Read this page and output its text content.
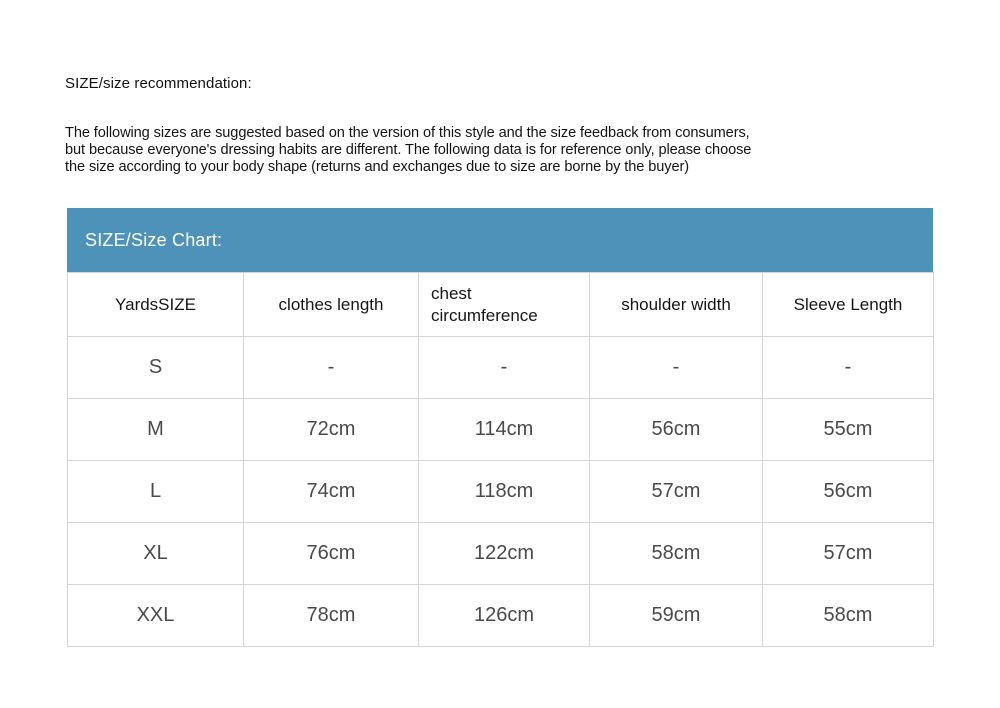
SIZE/size recommendation:
The following sizes are suggested based on the version of this style and the size feedback from consumers,
but because everyone's dressing habits are different. The following data is for reference only, please choose
the size according to your body shape (returns and exchanges due to size are borne by the buyer)
SIZE/Size Chart:
YardsSIZE	clothes length	chest circumference	shoulder width	Sleeve Length
S	-	-	-	-
M	72cm	114cm	56cm	55cm
L	74cm	118cm	57cm	56cm
XL	76cm	122cm	58cm	57cm
XXL	78cm	126cm	59cm	58cm
